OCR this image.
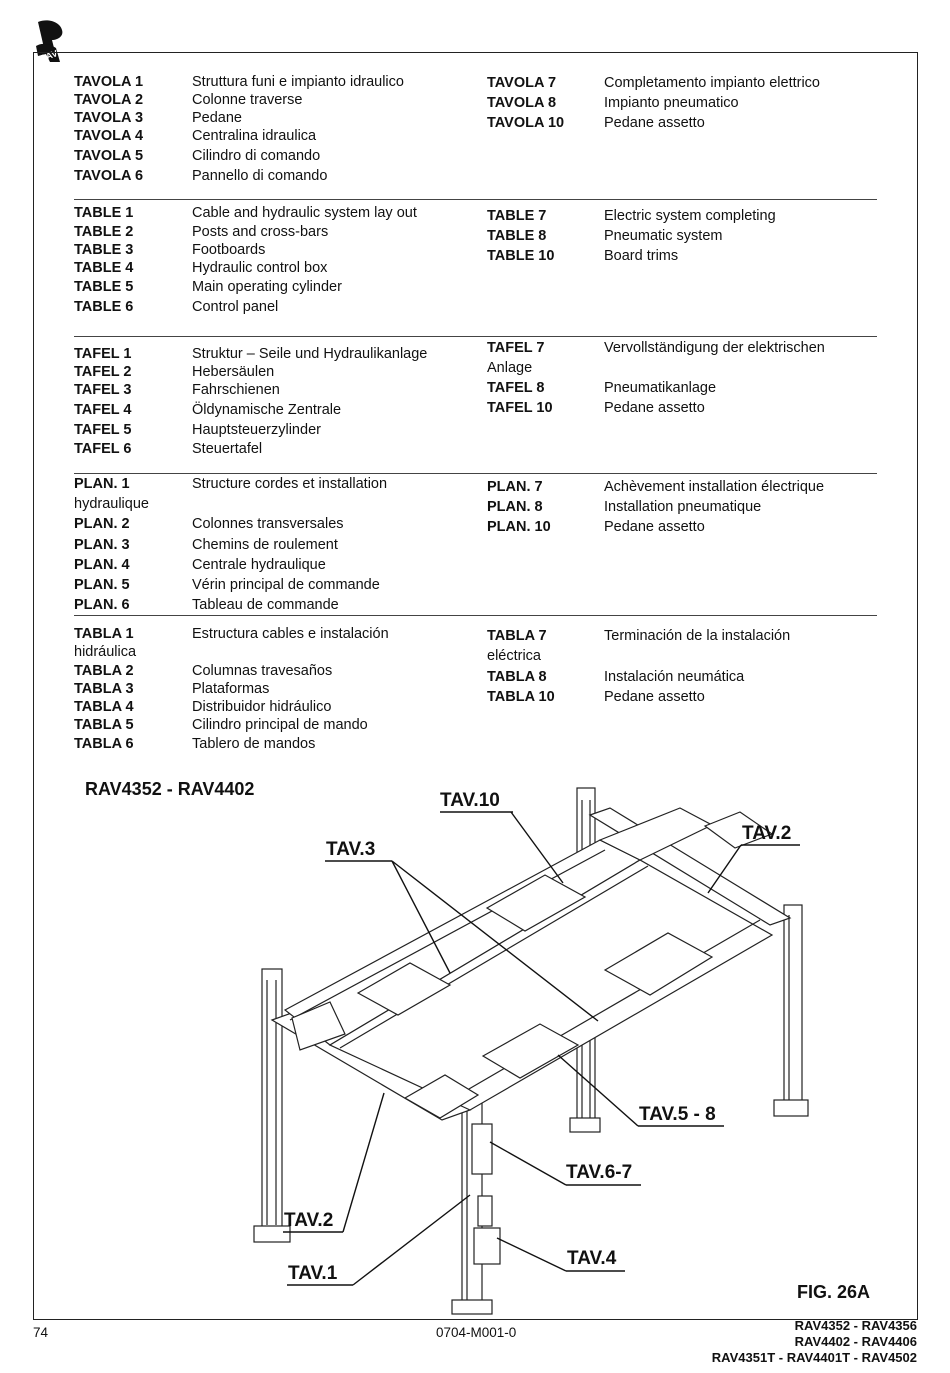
RAV
TAVOLA 1	Struttura funi e impianto idraulico
TAVOLA 2	Colonne traverse
TAVOLA 3	Pedane
TAVOLA 4	Centralina idraulica
TAVOLA 5	Cilindro di comando
TAVOLA 6	Pannello di comando
TAVOLA 7	Completamento impianto elettrico
TAVOLA 8	Impianto pneumatico
TAVOLA 10	Pedane assetto
TABLE 1	Cable and hydraulic system lay out
TABLE 2	Posts and cross-bars
TABLE 3	Footboards
TABLE 4	Hydraulic control box
TABLE 5	Main operating cylinder
TABLE 6	Control panel
TABLE 7	Electric system completing
TABLE 8	Pneumatic system
TABLE 10	Board trims
TAFEL 1	Struktur – Seile und Hydraulikanlage
TAFEL 2	Hebersäulen
TAFEL 3	Fahrschienen
TAFEL 4	Öldynamische Zentrale
TAFEL 5	Hauptsteuerzylinder
TAFEL 6	Steuertafel
TAFEL 7	Vervollständigung der elektrischen
Anlage
TAFEL 8	Pneumatikanlage
TAFEL 10	Pedane assetto
PLAN. 1	Structure cordes et installation
hydraulique
PLAN. 2	Colonnes transversales
PLAN. 3	Chemins de roulement
PLAN. 4	Centrale hydraulique
PLAN. 5	Vérin principal de commande
PLAN. 6	Tableau de commande
PLAN. 7	Achèvement installation électrique
PLAN. 8	Installation pneumatique
PLAN. 10	Pedane assetto
TABLA 1	Estructura cables e instalación
hidráulica
TABLA 2	Columnas travesaños
TABLA 3	Plataformas
TABLA 4	Distribuidor hidráulico
TABLA 5	Cilindro principal de mando
TABLA 6	Tablero de mandos
TABLA 7	Terminación de la instalación
eléctrica
TABLA 8	Instalación neumática
TABLA 10	Pedane assetto
RAV4352 - RAV4402
TAV.10
TAV.2
TAV.3
TAV.5 - 8
TAV.6-7
TAV.2
TAV.4
TAV.1
FIG. 26A
74	0704-M001-0	RAV4352 - RAV4356
RAV4402 - RAV4406
RAV4351T - RAV4401T - RAV4502
